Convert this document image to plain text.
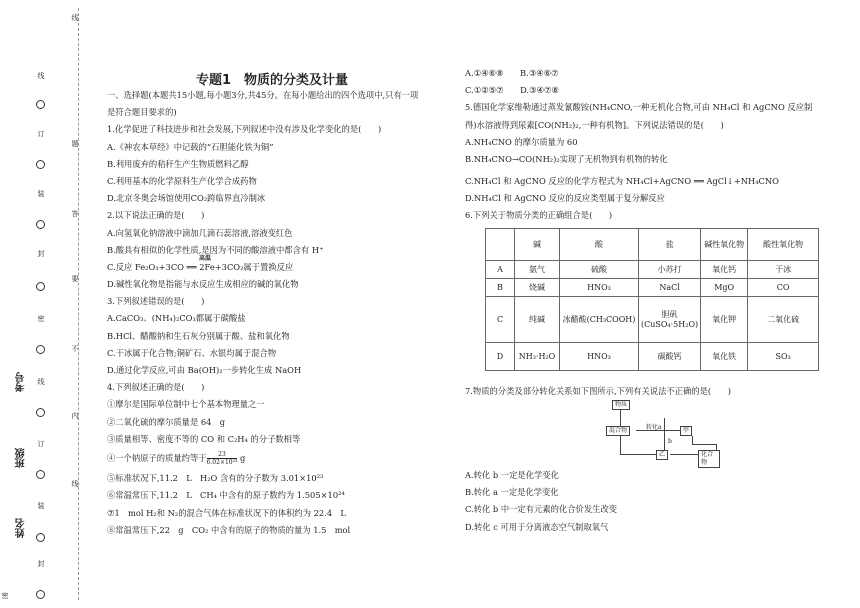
考号
班级
姓名
线
订
装
封
密
线
订
装
封
密
线
题
答
要
不
内
线
专题1　物质的分类及计量

一、选择题(本题共15小题,每小题3分,共45分。在每小题给出的四个选项中,只有一项

是符合题目要求的)

1.化学促进了科技进步和社会发展,下列叙述中没有涉及化学变化的是(　　)

A.《神农本草经》中记载的“石胆能化铁为铜”

B.利用废弃的秸秆生产生物质燃料乙醇

C.利用基本的化学原料生产化学合成药物

D.北京冬奥会场馆使用CO₂跨临界直冷制冰

2.以下说法正确的是(　　)

A.向氢氧化钠溶液中滴加几滴石蕊溶液,溶液变红色

B.酸具有相似的化学性质,是因为不同的酸溶液中都含有 H⁺

高温
C.反应 Fe₂O₃+3CO ══ 2Fe+3CO₂属于置换反应

D.碱性氧化物是指能与水反应生成相应的碱的氧化物

3.下列叙述错误的是(　　)

A.CaCO₃、(NH₄)₂CO₃都属于碳酸盐

B.HCl、醋酸钠和生石灰分别属于酸、盐和氧化物

C.干冰属于化合物;铜矿石、水银均属于混合物

D.通过化学反应,可由 Ba(OH)₂一步转化生成 NaOH

4.下列叙述正确的是(　　)

①摩尔是国际单位制中七个基本物理量之一

②二氧化硫的摩尔质量是 64　g

③质量相等、密度不等的 CO 和 C₂H₄ 的分子数相等

④一个钠原子的质量约等于 $\frac{23}{\text{6.02×10²³}}$ g

⑤标准状况下,11.2　L　H₂O 含有的分子数为 3.01×10²³

⑥常温常压下,11.2　L　CH₄ 中含有的原子数约为 1.505×10²⁴

⑦1　mol H₂和 N₂的混合气体在标准状况下的体积约为 22.4　L

⑧常温常压下,22　g　CO₂ 中含有的原子的物质的量为 1.5　mol

A.①④⑥⑧　　 B.③④⑥⑦

C.①②⑤⑦　　 D.③④⑦⑧

5.德国化学家维勒通过蒸发氰酸铵(NH₄CNO,一种无机化合物,可由 NH₄Cl 和 AgCNO 反应制

得)水溶液得到尿素[CO(NH₂)₂,一种有机物]。下列说法错误的是(　　)

A.NH₄CNO 的摩尔质量为 60

B.NH₄CNO→CO(NH₂)₂实现了无机物到有机物的转化

C.NH₄Cl 和 AgCNO 反应的化学方程式为 NH₄Cl+AgCNO ══ AgCl↓+NH₄CNO

D.NH₄Cl 和 AgCNO 反应的反应类型属于复分解反应

6.下列关于物质分类的正确组合是(　　)

	碱	酸	盐	碱性氧化物	酸性氧化物
A	氨气	硫酸	小苏打	氧化钙	干冰
B	烧碱	HNO₃	NaCl	MgO	CO
C	纯碱	冰醋酸(CH₃COOH)	胆矾(CuSO₄·5H₂O)	氧化钾	二氧化硫
D	NH₃·H₂O	HNO₃	碳酸钙	氧化铁	SO₃

7.物质的分类及部分转化关系如下图所示,下列有关说法不正确的是(　　)

物质
混合物	转化a	甲
b
乙	化合物

A.转化 b 一定是化学变化

B.转化 a 一定是化学变化

C.转化 b 中一定有元素的化合价发生改变

D.转化 c 可用于分离液态空气制取氧气
